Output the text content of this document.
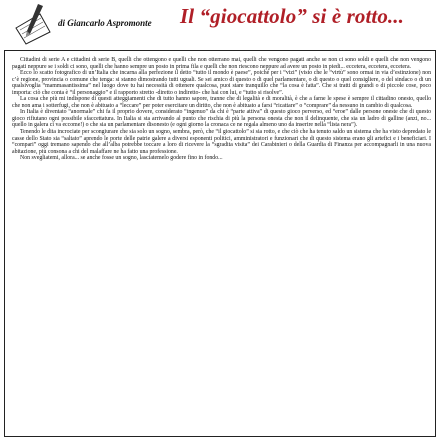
di Giancarlo Aspromonte Il “giocattolo” si è rotto...

Cittadini di serie A e cittadini di serie B, quelli che ottengono e quelli che non otterrano mai, quelli che vengono pagati anche se non ci sono soldi e quelli che non vengono pagati neppure se i soldi ci sono, quelli che hanno sempre un posto in prima fila e quelli che non riescono neppure ad avere un posto in piedi... eccetera, eccetera, eccetera.

Ecco lo scatto fotografico di un’Italia che incarna alla perfezione il detto “tutto il mondo è paese”, poiché per i “vizi” (visto che le “virtù” sono ormai in via d’estinzione) non c’è regione, provincia o comune che tenga: si stanno dimostrando tutti uguali. Se sei amico di questo o di quel parlamentare, o di questo o quel consigliere, o del sindaco o di un qualsivoglia “mammasantissima” nel luogo dove tu hai necessità di ottenere qualcosa, puoi stare tranquillo che “la cosa è fatta”. Che si tratti di grandi o di piccole cose, poco importa: ciò che conta è “il personaggio” e il rapporto stretto -diretto o indiretto- che hai con lui, e “tutto si risolve”.

La cosa che più mi indispone di questi atteggiamenti che di tutto hanno sapore, tranne che di legalità e di moralità, è che a farne le spese è sempre il cittadino onesto, quello che non ama i sotterfugi, che non è abituato a “leccare” per poter esercitare un diritto, che non è abituato a farsi “ricattare” o “comprare” da nessuno in cambio di qualcosa.

In Italia è diventato “anormale” chi fa il proprio dovere, considerato “ingenuo” da chi è “parte attiva” di questo gioco perverso, ed “eroe” dalle persone oneste che di questo gioco rifiutano ogni possibile sfaccettatura. In Italia si sta arrivando al punto che rischia di più la persona onesta che non il delinquente, che sia un ladro di galline (anzi, no... quello in galera ci va eccome!) o che sia un parlamentare disonesto (e ogni giorno la cronaca ce ne regala almeno uno da inserire nella “lista nera”).

Tenendo le dita incrociate per scongiurare che sia solo un sogno, sembra, però, che “il giocattolo” si sia rotto, e che ciò che ha tenuto saldo un sistema che ha visto depredato le casse dello Stato sia “saltato” aprendo le porte delle patrie galere a diversi esponenti politici, amministratori e funzionari che di questo sistema erano gli artefici e i beneficiari. I “compari” oggi tremano sapendo che all’alba potrebbe toccare a loro di ricevere la “sgradita visita” dei Carabinieri o della Guardia di Finanza per accompagnarli in una nuova abitazione, più consona a chi del malaffare ne ha fatto una professione.

Non svegliatemi, allora... se anche fosse un sogno, lasciatemelo godere fino in fondo...
